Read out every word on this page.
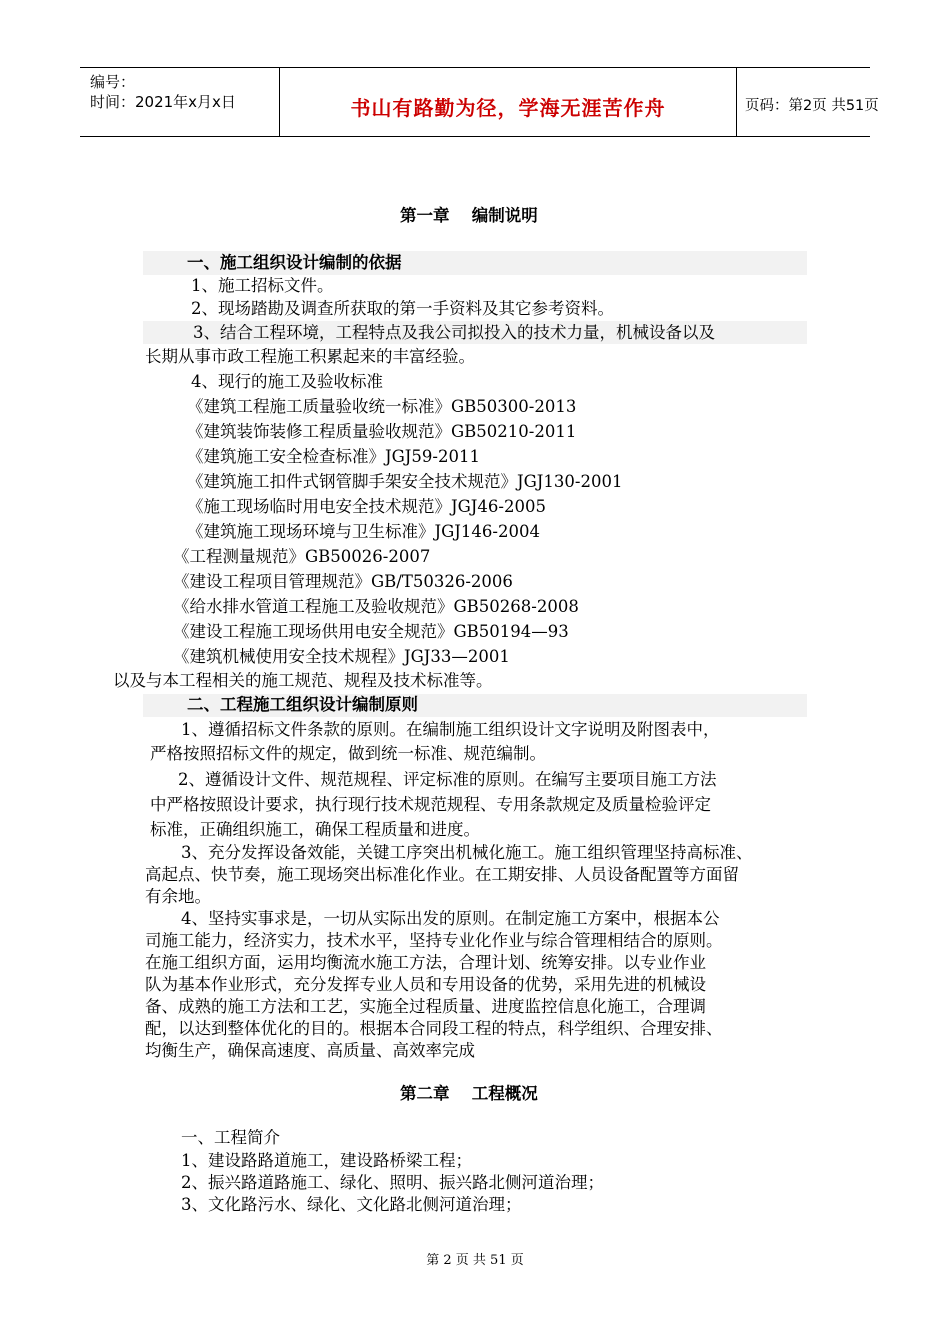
编号：
时间：2021年x月x日	书山有路勤为径，学海无涯苦作舟	页码：第2页 共51页
第一章　 编制说明
一、施工组织设计编制的依据
1、施工招标文件。
2、现场踏勘及调查所获取的第一手资料及其它参考资料。
3、结合工程环境，工程特点及我公司拟投入的技术力量，机械设备以及
长期从事市政工程施工积累起来的丰富经验。
4、现行的施工及验收标准
《建筑工程施工质量验收统一标准》GB50300-2013
《建筑装饰装修工程质量验收规范》GB50210-2011
《建筑施工安全检查标准》JGJ59-2011
《建筑施工扣件式钢管脚手架安全技术规范》JGJ130-2001
《施工现场临时用电安全技术规范》JGJ46-2005
《建筑施工现场环境与卫生标准》JGJ146-2004
《工程测量规范》GB50026-2007
《建设工程项目管理规范》GB/T50326-2006
《给水排水管道工程施工及验收规范》GB50268-2008
《建设工程施工现场供用电安全规范》GB50194—93
《建筑机械使用安全技术规程》JGJ33—2001
以及与本工程相关的施工规范、规程及技术标准等。
二、工程施工组织设计编制原则
1、遵循招标文件条款的原则。在编制施工组织设计文字说明及附图表中，
严格按照招标文件的规定，做到统一标准、规范编制。
2、遵循设计文件、规范规程、评定标准的原则。在编写主要项目施工方法
中严格按照设计要求，执行现行技术规范规程、专用条款规定及质量检验评定
标准，正确组织施工，确保工程质量和进度。
3、充分发挥设备效能，关键工序突出机械化施工。施工组织管理坚持高标准、
高起点、快节奏，施工现场突出标准化作业。在工期安排、人员设备配置等方面留
有余地。
4、坚持实事求是，一切从实际出发的原则。在制定施工方案中，根据本公
司施工能力，经济实力，技术水平，坚持专业化作业与综合管理相结合的原则。
在施工组织方面，运用均衡流水施工方法，合理计划、统筹安排。以专业作业
队为基本作业形式，充分发挥专业人员和专用设备的优势，采用先进的机械设
备、成熟的施工方法和工艺，实施全过程质量、进度监控信息化施工，合理调
配，以达到整体优化的目的。根据本合同段工程的特点，科学组织、合理安排、
均衡生产，确保高速度、高质量、高效率完成
第二章　 工程概况
一、工程简介
1、建设路路道施工，建设路桥梁工程；
2、振兴路道路施工、绿化、照明、振兴路北侧河道治理；
3、文化路污水、绿化、文化路北侧河道治理；
第 2 页 共 51 页
